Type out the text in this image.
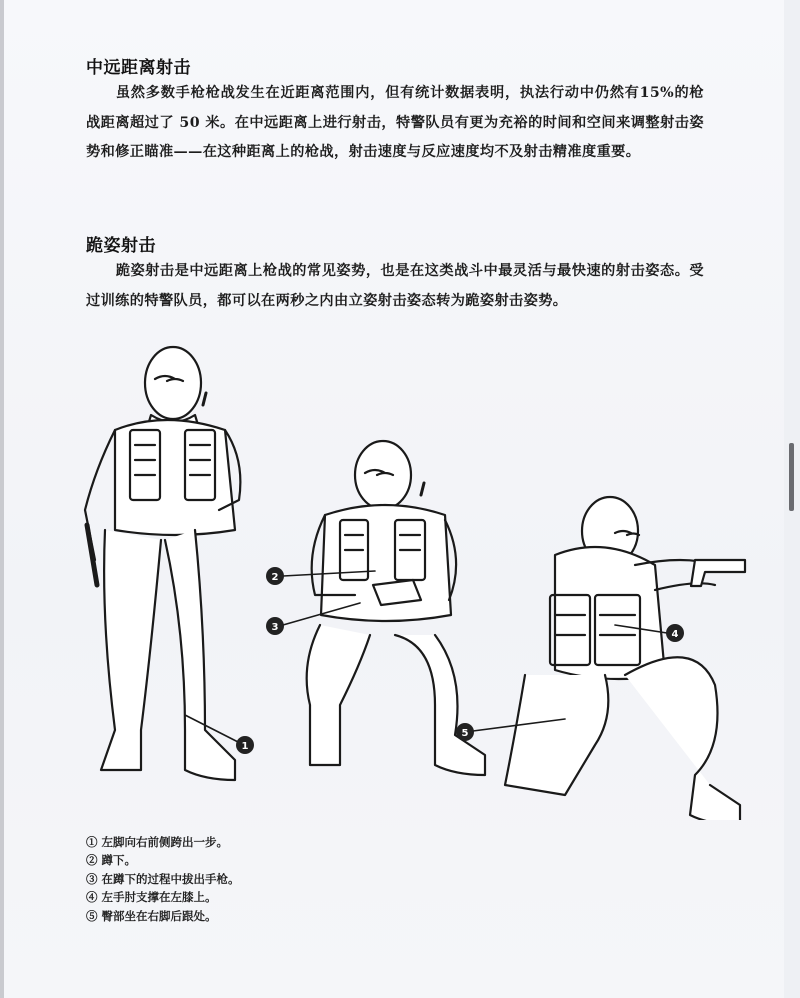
中远距离射击

虽然多数手枪枪战发生在近距离范围内，但有统计数据表明，执法行动中仍然有15%的枪战距离超过了 50 米。在中远距离上进行射击，特警队员有更为充裕的时间和空间来调整射击姿势和修正瞄准——在这种距离上的枪战，射击速度与反应速度均不及射击精准度重要。

跪姿射击

跪姿射击是中远距离上枪战的常见姿势，也是在这类战斗中最灵活与最快速的射击姿态。受过训练的特警队员，都可以在两秒之内由立姿射击姿态转为跪姿射击姿势。

1
2
3
4
5
① 左脚向右前侧跨出一步。
② 蹲下。
③ 在蹲下的过程中拔出手枪。
④ 左手肘支撑在左膝上。
⑤ 臀部坐在右脚后跟处。
